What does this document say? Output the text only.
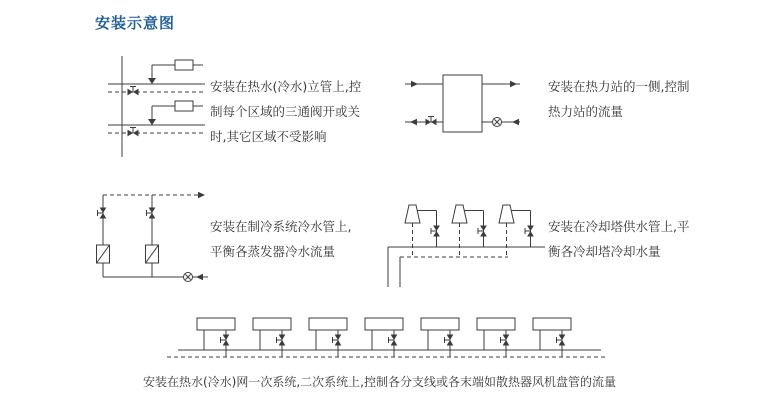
安装示意图
安装在热水(冷水)立管上,控
制每个区域的三通阀开或关
时,其它区域不受影响
安装在热力站的一侧,控制
热力站的流量
安装在制冷系统冷水管上,
平衡各蒸发器冷水流量
安装在冷却塔供水管上,平
衡各冷却塔冷却水量
安装在热水(冷水)网一次系统,二次系统上,控制各分支线或各末端如散热器风机盘管的流量
